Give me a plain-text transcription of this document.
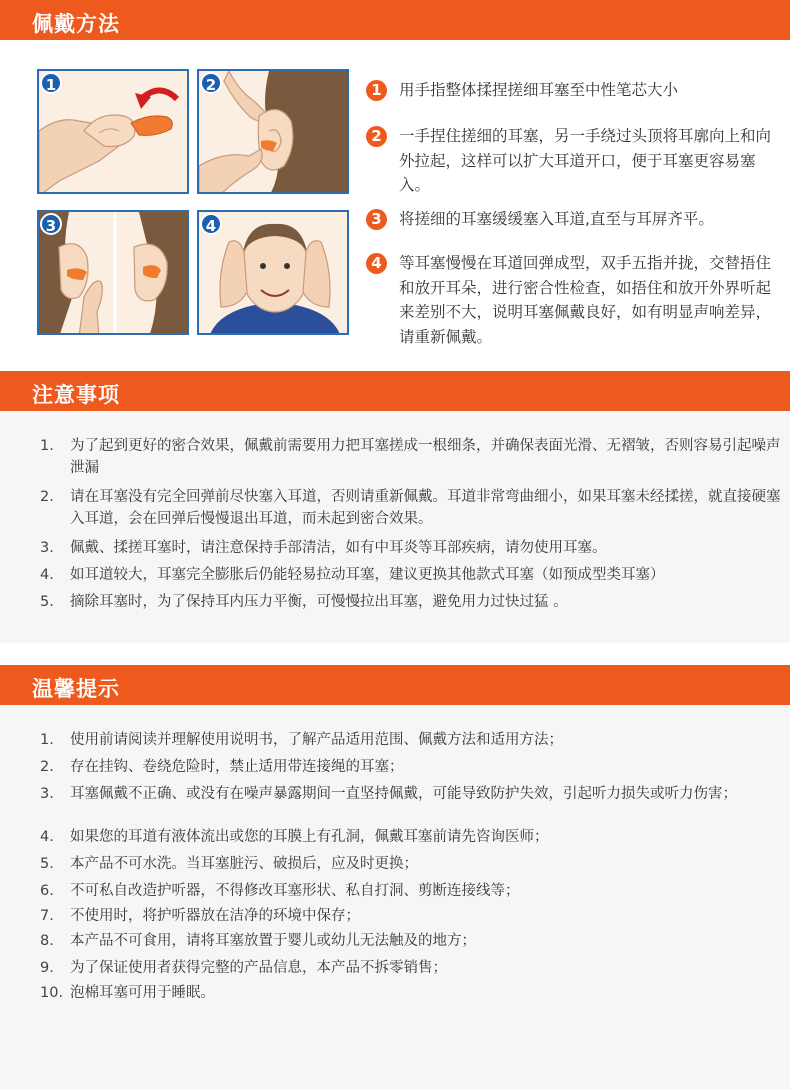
佩戴方法
1	2
3	4
1	用手指整体揉捏搓细耳塞至中性笔芯大小
2	一手捏住搓细的耳塞，另一手绕过头顶将耳廓向上和向外拉起，这样可以扩大耳道开口，便于耳塞更容易塞入。
3	将搓细的耳塞缓缓塞入耳道,直至与耳屏齐平。
4	等耳塞慢慢在耳道回弹成型，双手五指并拢，交替捂住和放开耳朵，进行密合性检查，如捂住和放开外界听起来差别不大，说明耳塞佩戴良好，如有明显声响差异，请重新佩戴。
注意事项
1.	为了起到更好的密合效果，佩戴前需要用力把耳塞搓成一根细条，并确保表面光滑、无褶皱，否则容易引起噪声泄漏
2.	请在耳塞没有完全回弹前尽快塞入耳道，否则请重新佩戴。耳道非常弯曲细小，如果耳塞未经揉搓，就直接硬塞入耳道，会在回弹后慢慢退出耳道，而未起到密合效果。
3.	佩戴、揉搓耳塞时，请注意保持手部清洁，如有中耳炎等耳部疾病，请勿使用耳塞。
4.	如耳道较大，耳塞完全膨胀后仍能轻易拉动耳塞，建议更换其他款式耳塞（如预成型类耳塞）
5.	摘除耳塞时，为了保持耳内压力平衡，可慢慢拉出耳塞，避免用力过快过猛 。
温馨提示
1.	使用前请阅读并理解使用说明书，了解产品适用范围、佩戴方法和适用方法；
2.	存在挂钩、卷绕危险时，禁止适用带连接绳的耳塞；
3.	耳塞佩戴不正确、或没有在噪声暴露期间一直坚持佩戴，可能导致防护失效，引起听力损失或听力伤害；
4.	如果您的耳道有液体流出或您的耳膜上有孔洞，佩戴耳塞前请先咨询医师；
5.	本产品不可水洗。当耳塞脏污、破损后，应及时更换；
6.	不可私自改造护听器，不得修改耳塞形状、私自打洞、剪断连接线等；
7.	不使用时，将护听器放在洁净的环境中保存；
8.	本产品不可食用，请将耳塞放置于婴儿或幼儿无法触及的地方；
9.	为了保证使用者获得完整的产品信息，本产品不拆零销售；
10. 泡棉耳塞可用于睡眠。
